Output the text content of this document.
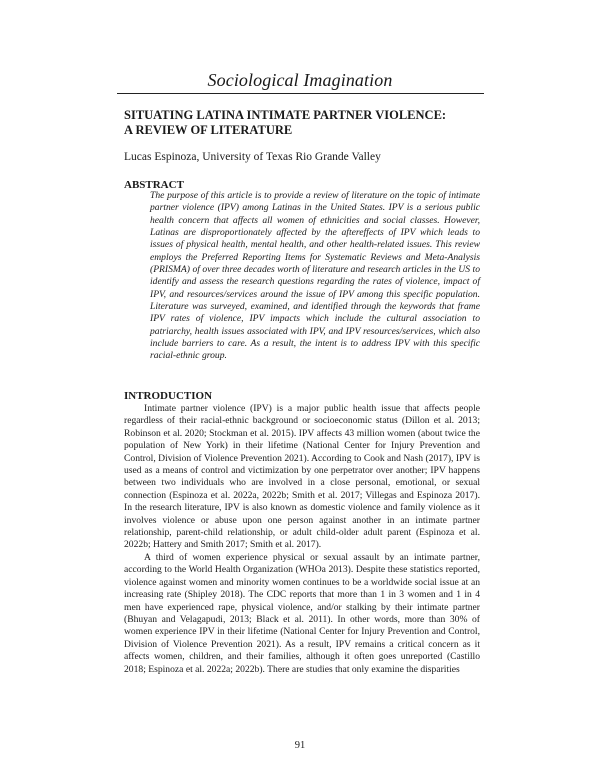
Sociological Imagination
SITUATING LATINA INTIMATE PARTNER VIOLENCE:
A REVIEW OF LITERATURE
Lucas Espinoza, University of Texas Rio Grande Valley
ABSTRACT
The purpose of this article is to provide a review of literature on the topic of intimate partner violence (IPV) among Latinas in the United States. IPV is a serious public health concern that affects all women of ethnicities and social classes. However, Latinas are disproportionately affected by the aftereffects of IPV which leads to issues of physical health, mental health, and other health-related issues. This review employs the Preferred Reporting Items for Systematic Reviews and Meta-Analysis (PRISMA) of over three decades worth of literature and research articles in the US to identify and assess the research questions regarding the rates of violence, impact of IPV, and resources/services around the issue of IPV among this specific population. Literature was surveyed, examined, and identified through the keywords that frame IPV rates of violence, IPV impacts which include the cultural association to patriarchy, health issues associated with IPV, and IPV resources/services, which also include barriers to care. As a result, the intent is to address IPV with this specific racial-ethnic group.
INTRODUCTION

Intimate partner violence (IPV) is a major public health issue that affects people regardless of their racial-ethnic background or socioeconomic status (Dillon et al. 2013; Robinson et al. 2020; Stockman et al. 2015). IPV affects 43 million women (about twice the population of New York) in their lifetime (National Center for Injury Prevention and Control, Division of Violence Prevention 2021). According to Cook and Nash (2017), IPV is used as a means of control and victimization by one perpetrator over another; IPV happens between two individuals who are involved in a close personal, emotional, or sexual connection (Espinoza et al. 2022a, 2022b; Smith et al. 2017; Villegas and Espinoza 2017). In the research literature, IPV is also known as domestic violence and family violence as it involves violence or abuse upon one person against another in an intimate partner relationship, parent-child relationship, or adult child-older adult parent (Espinoza et al. 2022b; Hattery and Smith 2017; Smith et al. 2017).

A third of women experience physical or sexual assault by an intimate partner, according to the World Health Organization (WHOa 2013). Despite these statistics reported, violence against women and minority women continues to be a worldwide social issue at an increasing rate (Shipley 2018). The CDC reports that more than 1 in 3 women and 1 in 4 men have experienced rape, physical violence, and/or stalking by their intimate partner (Bhuyan and Velagapudi, 2013; Black et al. 2011). In other words, more than 30% of women experience IPV in their lifetime (National Center for Injury Prevention and Control, Division of Violence Prevention 2021). As a result, IPV remains a critical concern as it affects women, children, and their families, although it often goes unreported (Castillo 2018; Espinoza et al. 2022a; 2022b). There are studies that only examine the disparities

91
